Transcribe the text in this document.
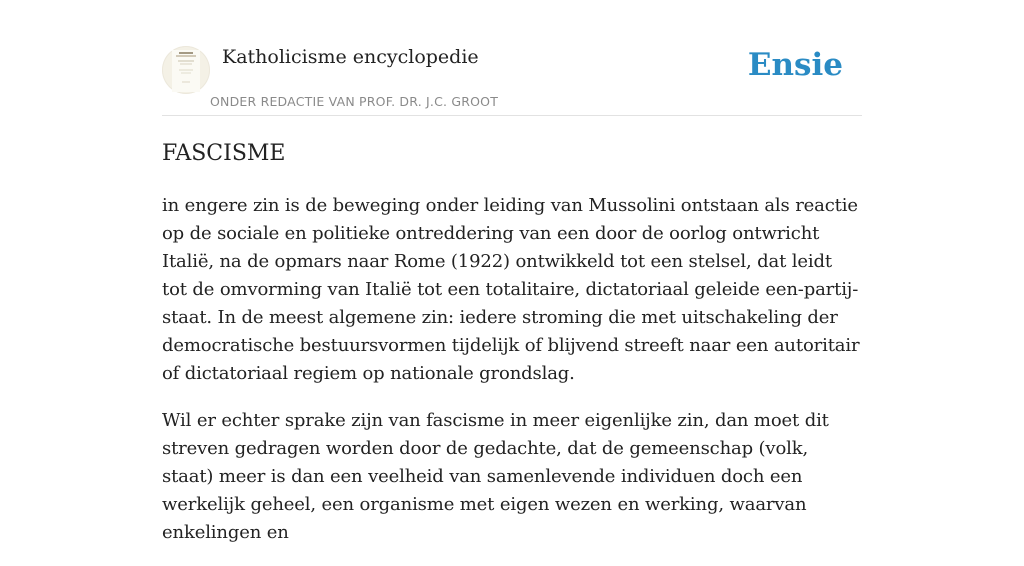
Katholicisme encyclopedie
ONDER REDACTIE VAN PROF. DR. J.C. GROOT
Ensie
FASCISME

in engere zin is de beweging onder leiding van Mussolini ontstaan als reactie op de sociale en politieke ontreddering van een door de oorlog ontwricht Italië, na de opmars naar Rome (1922) ontwikkeld tot een stelsel, dat leidt tot de omvorming van Italië tot een totalitaire, dictatoriaal geleide een-partij-staat. In de meest algemene zin: iedere stroming die met uitschakeling der democratische bestuursvormen tijdelijk of blijvend streeft naar een autoritair of dictatoriaal regiem op nationale grondslag.

Wil er echter sprake zijn van fascisme in meer eigenlijke zin, dan moet dit streven gedragen worden door de gedachte, dat de gemeenschap (volk, staat) meer is dan een veelheid van samenlevende individuen doch een werkelijk geheel, een organisme met eigen wezen en werking, waarvan enkelingen en
